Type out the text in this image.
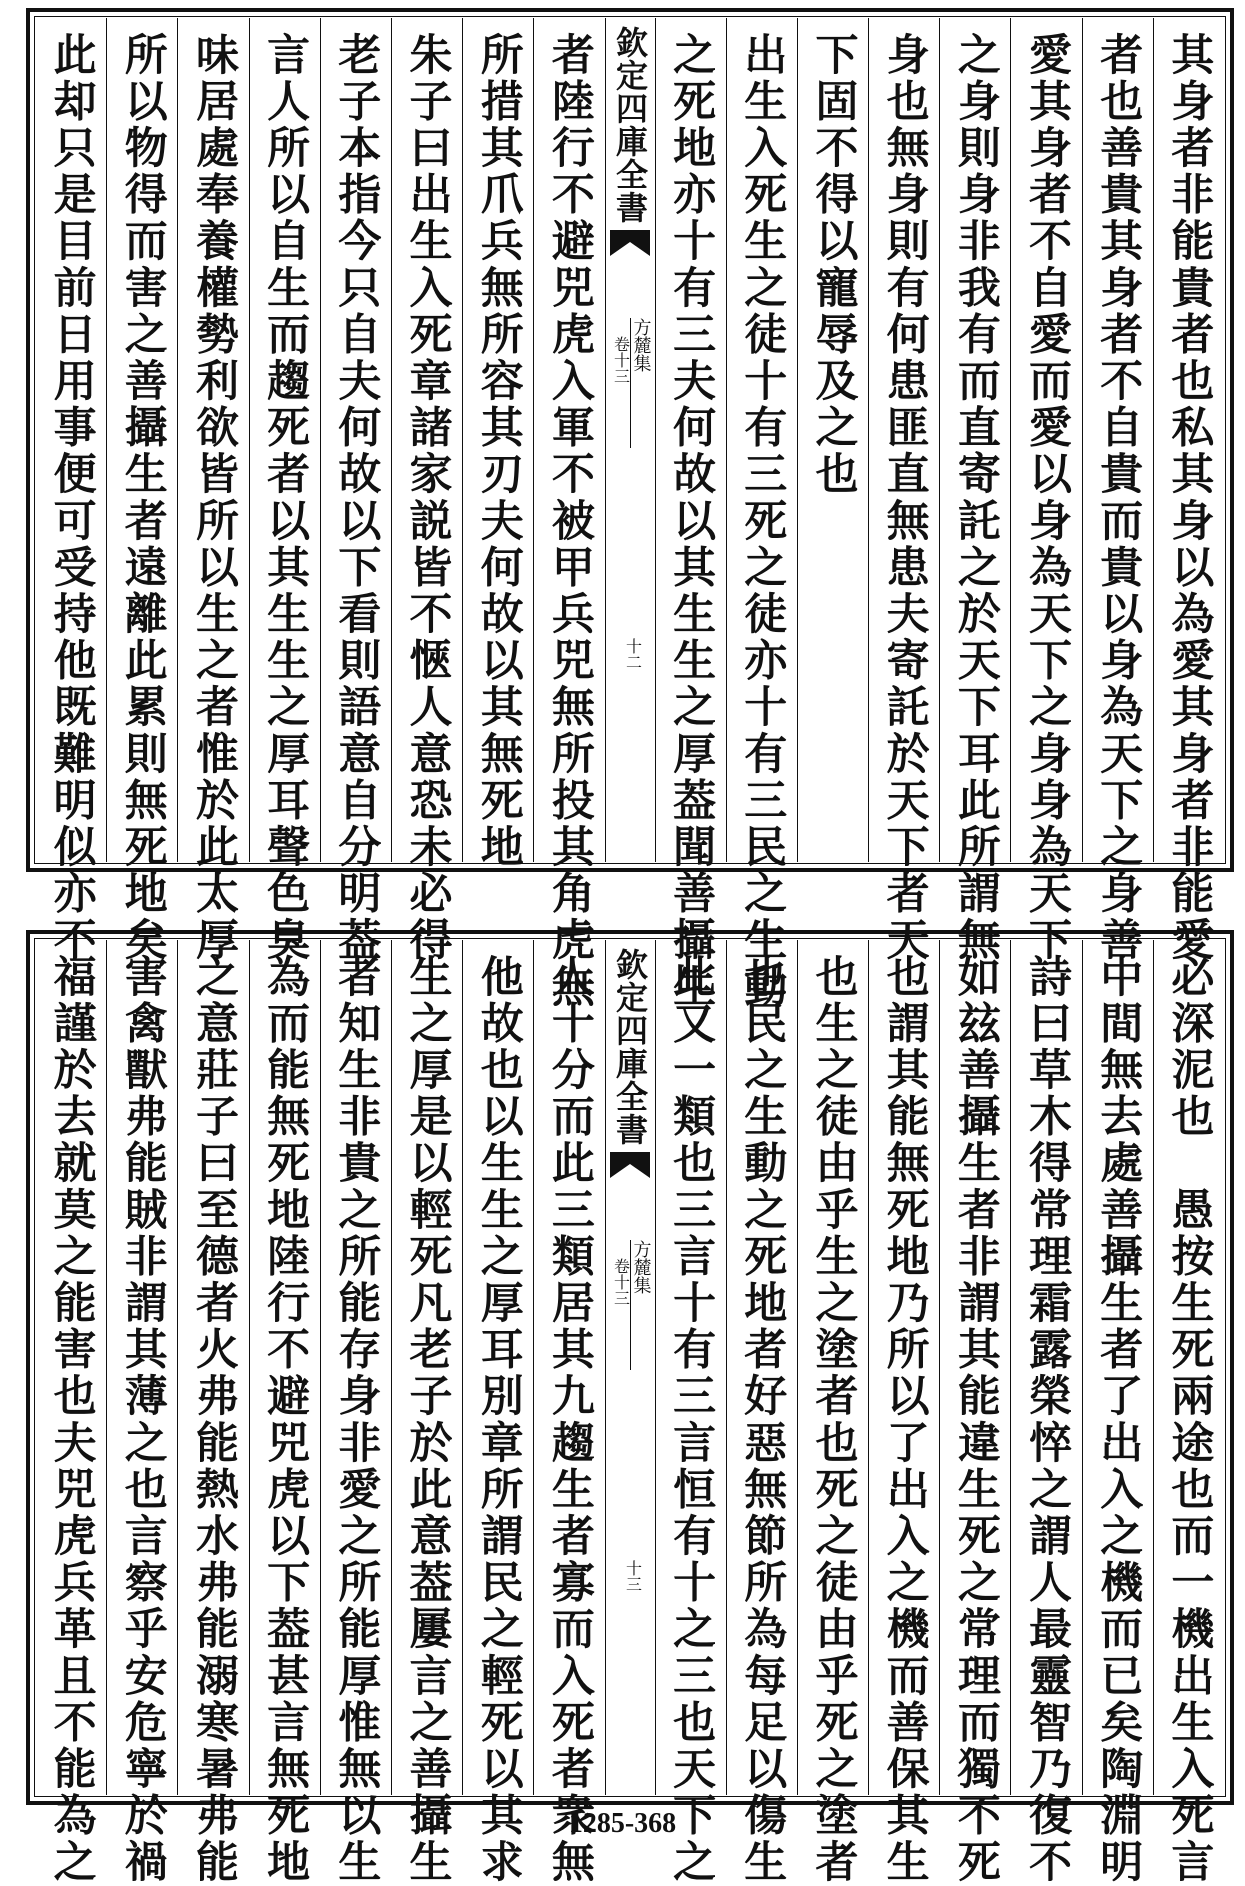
其身者非能貴者也私其身以為愛其身者非能愛
者也善貴其身者不自貴而貴以身為天下之身善
愛其身者不自愛而愛以身為天下之身身為天下
之身則身非我有而直寄託之於天下耳此所謂無
身也無身則有何患匪直無患夫寄託於天下者天
下固不得以寵辱及之也
出生入死生之徒十有三死之徒亦十有三民之生動
之死地亦十有三夫何故以其生生之厚葢聞善攝生
欽定四庫全書
方麓集
卷十三
十二
者陸行不避兕虎入軍不被甲兵兕無所投其角虎無
所措其爪兵無所容其刃夫何故以其無死地
朱子曰出生入死章諸家説皆不愜人意恐未必得
老子本指今只自夫何故以下看則語意自分明葢
言人所以自生而趨死者以其生生之厚耳聲色臭
味居處奉養權勢利欲皆所以生之者惟於此太厚
所以物得而害之善攝生者遠離此累則無死地矣
此却只是目前日用事便可受持他既難明似亦不
必深泥也　愚按生死兩途也而一機出生入死言
中間無去處善攝生者了出入之機而已矣陶淵明
詩曰草木得常理霜露榮悴之謂人最靈智乃復不
如玆善攝生者非謂其能違生死之常理而獨不死
也謂其能無死地乃所以了出入之機而善保其生
也生之徒由乎生之塗者也死之徒由乎死之塗者
也民之生動之死地者好惡無節所為每足以傷生
此又一類也三言十有三言恒有十之三也天下之
欽定四庫全書
方麓集
卷十三
十三
人十分而此三類居其九趨生者寡而入死者衆無
他故也以生生之厚耳別章所謂民之輕死以其求
生之厚是以輕死凡老子於此意葢屢言之善攝生
者知生非貴之所能存身非愛之所能厚惟無以生
為而能無死地陸行不避兕虎以下葢甚言無死地
之意莊子曰至德者火弗能熱水弗能溺寒暑弗能
害禽獸弗能賊非謂其薄之也言察乎安危寧於禍
福謹於去就莫之能害也夫兕虎兵革且不能為之	1285-368
